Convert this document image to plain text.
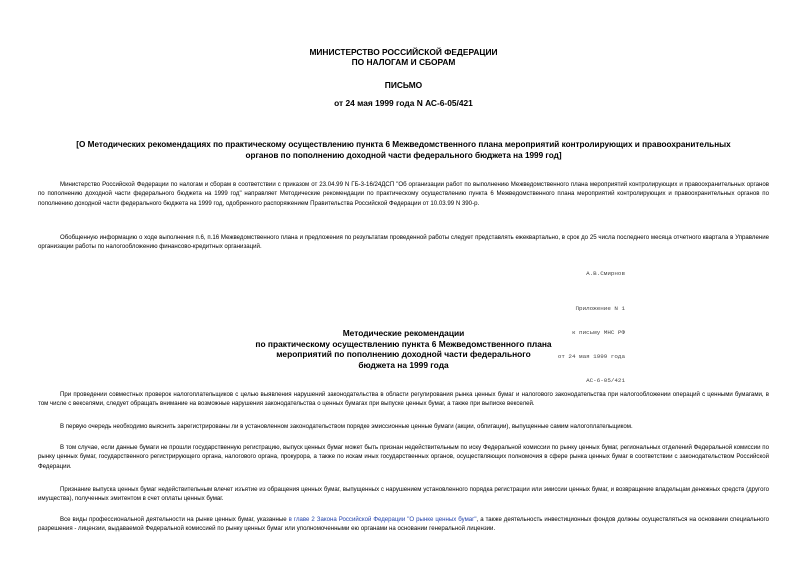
МИНИСТЕРСТВО РОССИЙСКОЙ ФЕДЕРАЦИИ
ПО НАЛОГАМ И СБОРАМ
ПИСЬМО
от 24 мая 1999 года N АС-6-05/421
[О Методических рекомендациях по практическому осуществлению пункта 6 Межведомственного плана мероприятий контролирующих и правоохранительных
органов по пополнению доходной части федерального бюджета на 1999 год]
Министерство Российской Федерации по налогам и сборам в соответствии с приказом от 23.04.99 N ГБ-3-16/24ДСП "Об организации работ по выполнению Межведомственного плана мероприятий контролирующих и правоохранительных органов по пополнению доходной части федерального бюджета на 1999 год" направляет Методические рекомендации по практическому осуществлению пункта 6 Межведомственного плана мероприятий контролирующих и правоохранительных органов по пополнению доходной части федерального бюджета на 1999 год, одобренного распоряжением Правительства Российской Федерации от 10.03.99 N 390-р.
Обобщенную информацию о ходе выполнения п.6, п.16 Межведомственного плана и предложения по результатам проведенной работы следует представлять ежеквартально, в срок до 25 числа последнего месяца отчетного квартала в Управление организации работы по налогообложению финансово-кредитных организаций.
А.В.Смирнов

Приложение N 1

к письму МНС РФ

от 24 мая 1999 года

АС-6-05/421

Методические рекомендации
по практическому осуществлению пункта 6 Межведомственного плана
мероприятий по пополнению доходной части федерального
бюджета на 1999 года
При проведении совместных проверок налогоплательщиков с целью выявления нарушений законодательства в области регулирования рынка ценных бумаг и налогового законодательства при налогообложении операций с ценными бумагами, в том числе с векселями, следует обращать внимание на возможные нарушения законодательства о ценных бумагах при выпуске ценных бумаг, а также при выписке векселей.
В первую очередь необходимо выяснить зарегистрированы ли в установленном законодательством порядке эмиссионные ценные бумаги (акции, облигации), выпущенные самим налогоплательщиком.
В том случае, если данные бумаги не прошли государственную регистрацию, выпуск ценных бумаг может быть признан недействительным по иску Федеральной комиссии по рынку ценных бумаг, региональных отделений Федеральной комиссии по рынку ценных бумаг, государственного регистрирующего органа, налогового органа, прокурора, а также по искам иных государственных органов, осуществляющих полномочия в сфере рынка ценных бумаг в соответствии с законодательством Российской Федерации.
Признание выпуска ценных бумаг недействительным влечет изъятие из обращения ценных бумаг, выпущенных с нарушением установленного порядка регистрации или эмиссии ценных бумаг, и возвращение владельцам денежных средств (другого имущества), полученных эмитентом в счет оплаты ценных бумаг.
Все виды профессиональной деятельности на рынке ценных бумаг, указанные в главе 2 Закона Российской Федерации "О рынке ценных бумаг", а также деятельность инвестиционных фондов должны осуществляться на основании специального разрешения - лицензии, выдаваемой Федеральной комиссией по рынку ценных бумаг или уполномоченными ею органами на основании генеральной лицензии.
